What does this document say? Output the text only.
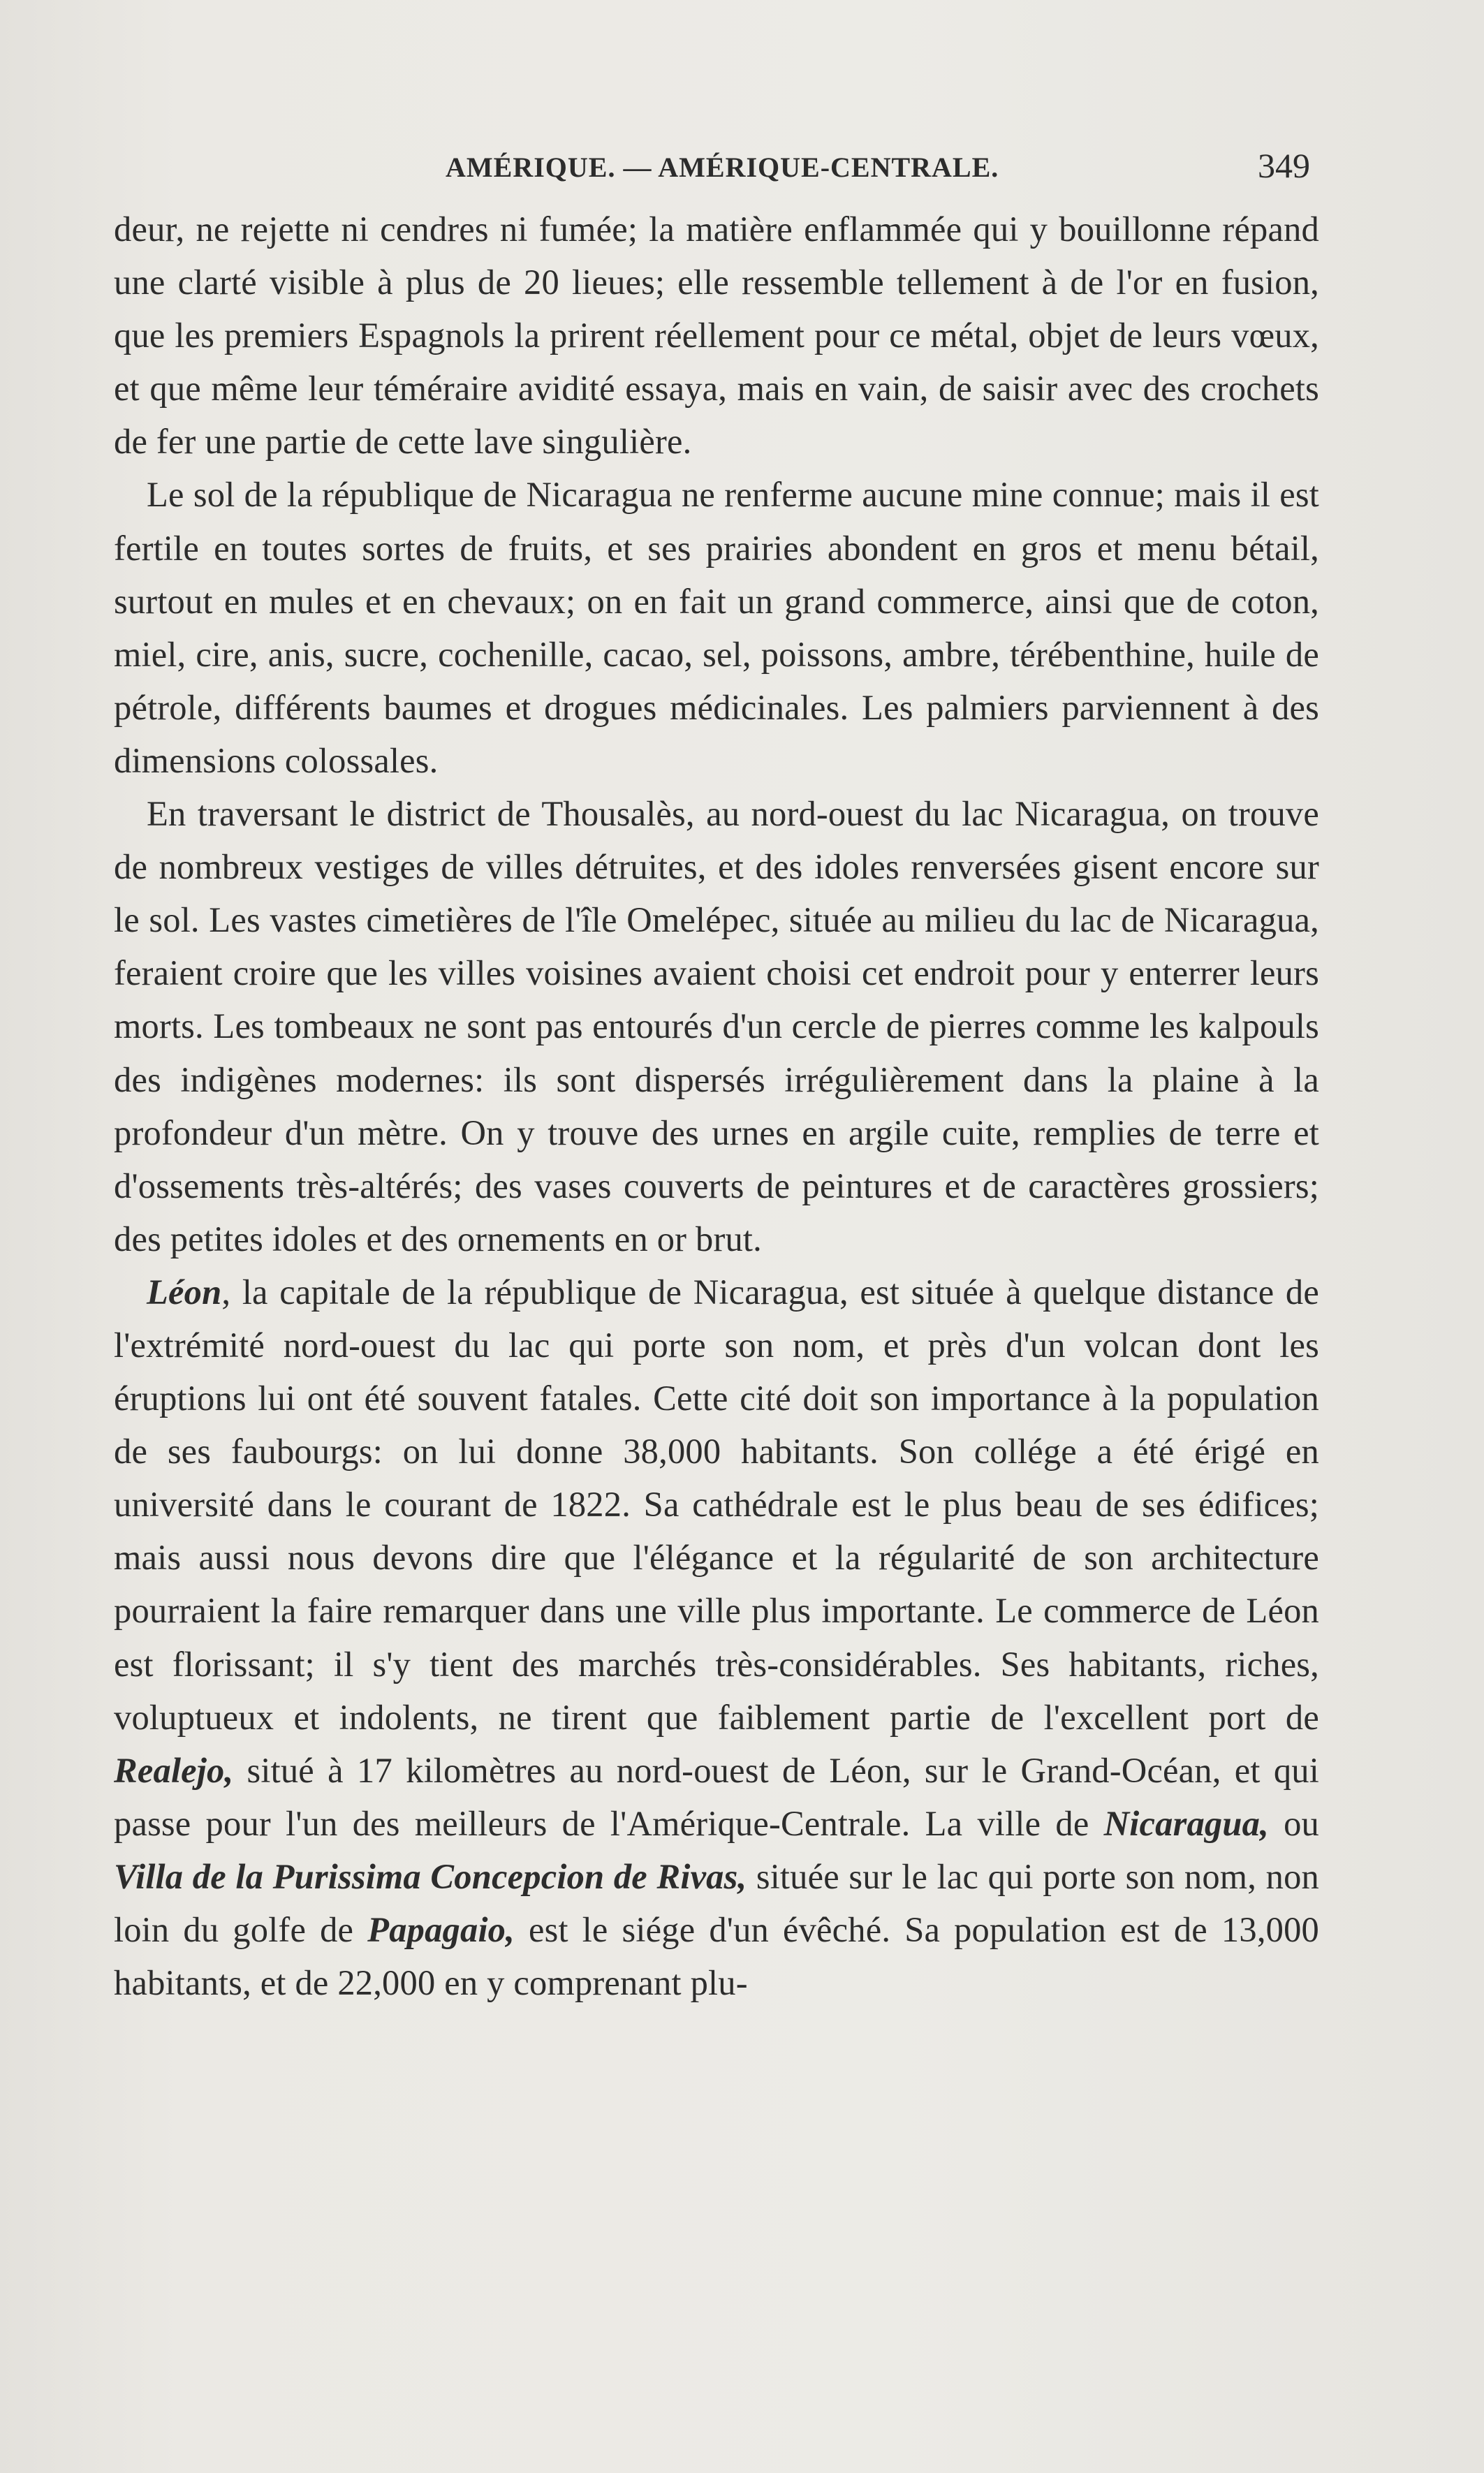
AMÉRIQUE. — AMÉRIQUE-CENTRALE.	349

deur, ne rejette ni cendres ni fumée; la matière enflammée qui y bouillonne répand une clarté visible à plus de 20 lieues; elle ressemble tellement à de l'or en fusion, que les premiers Espagnols la prirent réellement pour ce métal, objet de leurs vœux, et que même leur téméraire avidité essaya, mais en vain, de saisir avec des crochets de fer une partie de cette lave singulière.

Le sol de la république de Nicaragua ne renferme aucune mine connue; mais il est fertile en toutes sortes de fruits, et ses prairies abondent en gros et menu bétail, surtout en mules et en chevaux; on en fait un grand commerce, ainsi que de coton, miel, cire, anis, sucre, cochenille, cacao, sel, poissons, ambre, térébenthine, huile de pétrole, différents baumes et drogues médicinales. Les palmiers parviennent à des dimensions colossales.

En traversant le district de Thousalès, au nord-ouest du lac Nicaragua, on trouve de nombreux vestiges de villes détruites, et des idoles renversées gisent encore sur le sol. Les vastes cimetières de l'île Omelépec, située au milieu du lac de Nicaragua, feraient croire que les villes voisines avaient choisi cet endroit pour y enterrer leurs morts. Les tombeaux ne sont pas entourés d'un cercle de pierres comme les kalpouls des indigènes modernes: ils sont dispersés irrégulièrement dans la plaine à la profondeur d'un mètre. On y trouve des urnes en argile cuite, remplies de terre et d'ossements très-altérés; des vases couverts de peintures et de caractères grossiers; des petites idoles et des ornements en or brut.

Léon, la capitale de la république de Nicaragua, est située à quelque distance de l'extrémité nord-ouest du lac qui porte son nom, et près d'un volcan dont les éruptions lui ont été souvent fatales. Cette cité doit son importance à la population de ses faubourgs: on lui donne 38,000 habitants. Son collége a été érigé en université dans le courant de 1822. Sa cathédrale est le plus beau de ses édifices; mais aussi nous devons dire que l'élégance et la régularité de son architecture pourraient la faire remarquer dans une ville plus importante. Le commerce de Léon est florissant; il s'y tient des marchés très-considérables. Ses habitants, riches, voluptueux et indolents, ne tirent que faiblement partie de l'excellent port de Realejo, situé à 17 kilomètres au nord-ouest de Léon, sur le Grand-Océan, et qui passe pour l'un des meilleurs de l'Amérique-Centrale. La ville de Nicaragua, ou Villa de la Purissima Concepcion de Rivas, située sur le lac qui porte son nom, non loin du golfe de Papagaio, est le siége d'un évêché. Sa population est de 13,000 habitants, et de 22,000 en y comprenant plu-
